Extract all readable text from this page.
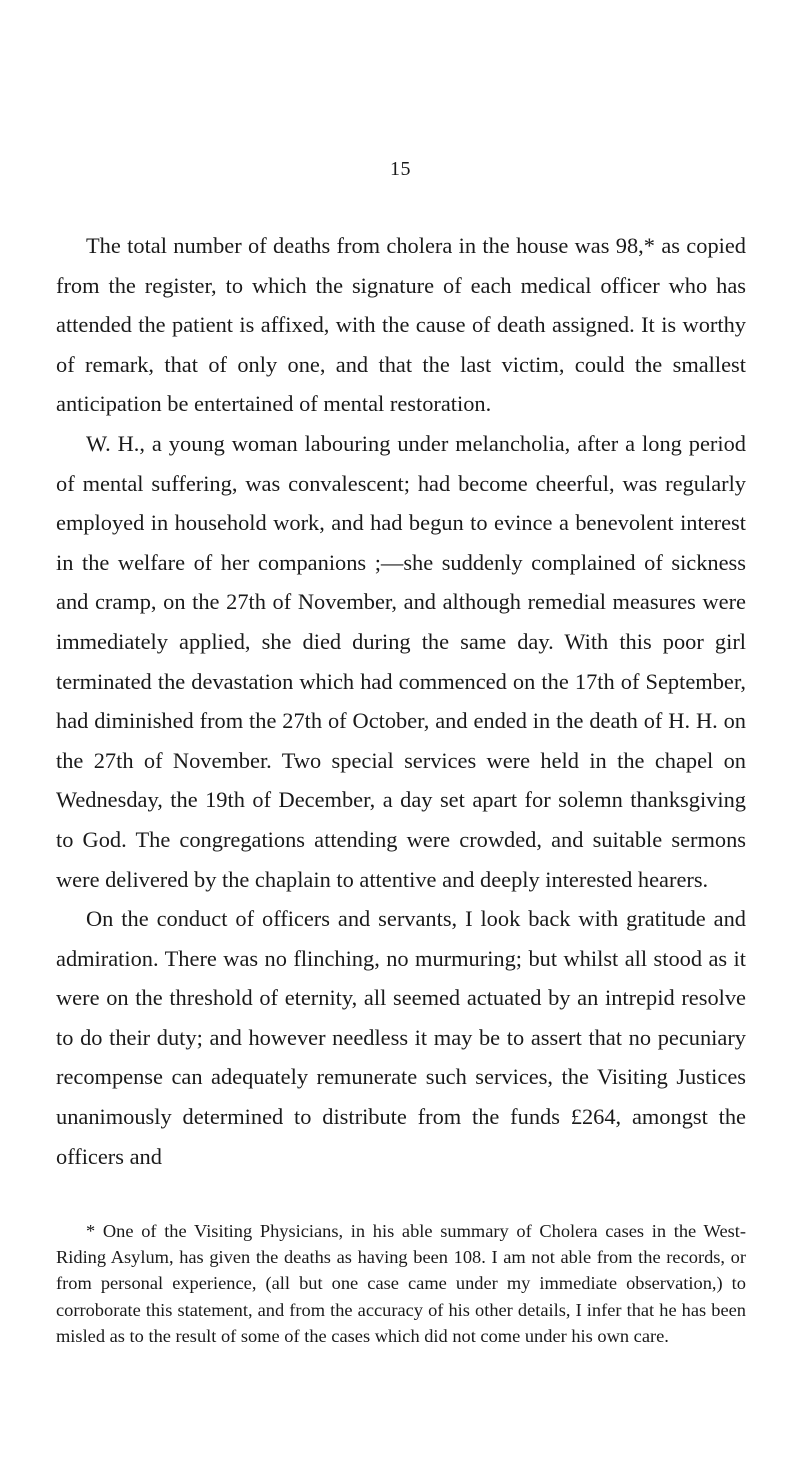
15

The total number of deaths from cholera in the house was 98,* as copied from the register, to which the signature of each medical officer who has attended the patient is affixed, with the cause of death assigned. It is worthy of remark, that of only one, and that the last victim, could the smallest anticipation be entertained of mental restoration.

W. H., a young woman labouring under melancholia, after a long period of mental suffering, was convalescent; had become cheerful, was regularly employed in household work, and had begun to evince a benevolent interest in the welfare of her companions ;—she suddenly complained of sickness and cramp, on the 27th of November, and although remedial measures were immediately applied, she died during the same day. With this poor girl terminated the devastation which had commenced on the 17th of September, had diminished from the 27th of October, and ended in the death of H. H. on the 27th of November. Two special services were held in the chapel on Wednesday, the 19th of December, a day set apart for solemn thanksgiving to God. The congregations attending were crowded, and suitable sermons were delivered by the chaplain to attentive and deeply interested hearers.

On the conduct of officers and servants, I look back with gratitude and admiration. There was no flinching, no murmuring; but whilst all stood as it were on the threshold of eternity, all seemed actuated by an intrepid resolve to do their duty; and however needless it may be to assert that no pecuniary recompense can adequately remunerate such services, the Visiting Justices unanimously determined to distribute from the funds £264, amongst the officers and

* One of the Visiting Physicians, in his able summary of Cholera cases in the West-Riding Asylum, has given the deaths as having been 108. I am not able from the records, or from personal experience, (all but one case came under my immediate observation,) to corroborate this statement, and from the accuracy of his other details, I infer that he has been misled as to the result of some of the cases which did not come under his own care.
